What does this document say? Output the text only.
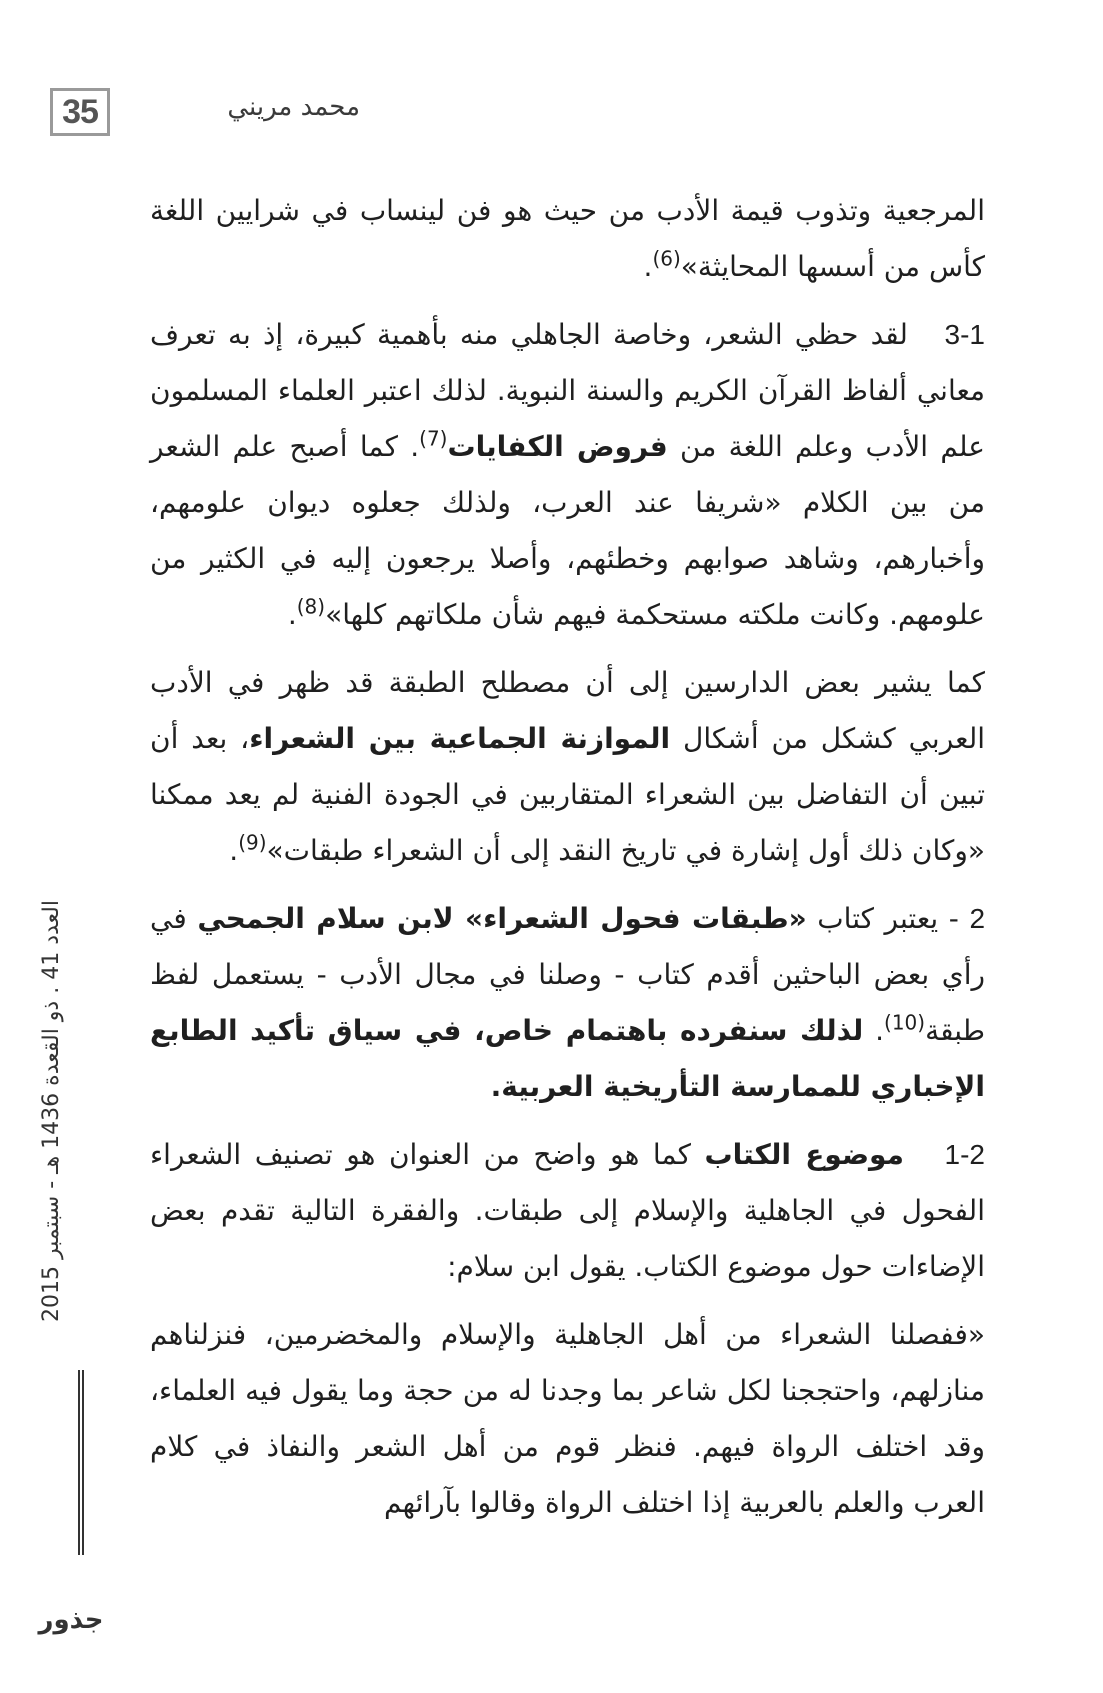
35	محمد مريني

المرجعية وتذوب قيمة الأدب من حيث هو فن لينساب في شرايين اللغة كأس من أسسها المحايثة»$^{(6)}$.

3-1   لقد حظي الشعر، وخاصة الجاهلي منه بأهمية كبيرة، إذ به تعرف معاني ألفاظ القرآن الكريم والسنة النبوية. لذلك اعتبر العلماء المسلمون علم الأدب وعلم اللغة من فروض الكفايات$^{(7)}$. كما أصبح علم الشعر من بين الكلام «شريفا عند العرب، ولذلك جعلوه ديوان علومهم، وأخبارهم، وشاهد صوابهم وخطئهم، وأصلا يرجعون إليه في الكثير من علومهم. وكانت ملكته مستحكمة فيهم شأن ملكاتهم كلها»$^{(8)}$.

كما يشير بعض الدارسين إلى أن مصطلح الطبقة قد ظهر في الأدب العربي كشكل من أشكال الموازنة الجماعية بين الشعراء، بعد أن تبين أن التفاضل بين الشعراء المتقاربين في الجودة الفنية لم يعد ممكنا «وكان ذلك أول إشارة في تاريخ النقد إلى أن الشعراء طبقات»$^{(9)}$.

2 - يعتبر كتاب «طبقات فحول الشعراء» لابن سلام الجمحي في رأي بعض الباحثين أقدم كتاب - وصلنا في مجال الأدب - يستعمل لفظ طبقة$^{(10)}$. لذلك سنفرده باهتمام خاص، في سياق تأكيد الطابع الإخباري للممارسة التأريخية العربية.

1-2   موضوع الكتاب كما هو واضح من العنوان هو تصنيف الشعراء الفحول في الجاهلية والإسلام إلى طبقات. والفقرة التالية تقدم بعض الإضاءات حول موضوع الكتاب. يقول ابن سلام:

«ففصلنا الشعراء من أهل الجاهلية والإسلام والمخضرمين، فنزلناهم منازلهم، واحتججنا لكل شاعر بما وجدنا له من حجة وما يقول فيه العلماء، وقد اختلف الرواة فيهم. فنظر قوم من أهل الشعر والنفاذ في كلام العرب والعلم بالعربية إذا اختلف الرواة وقالوا بآرائهم

العدد 41 . ذو القعدة 1436 هـ - سبتمبر 2015
جذور
